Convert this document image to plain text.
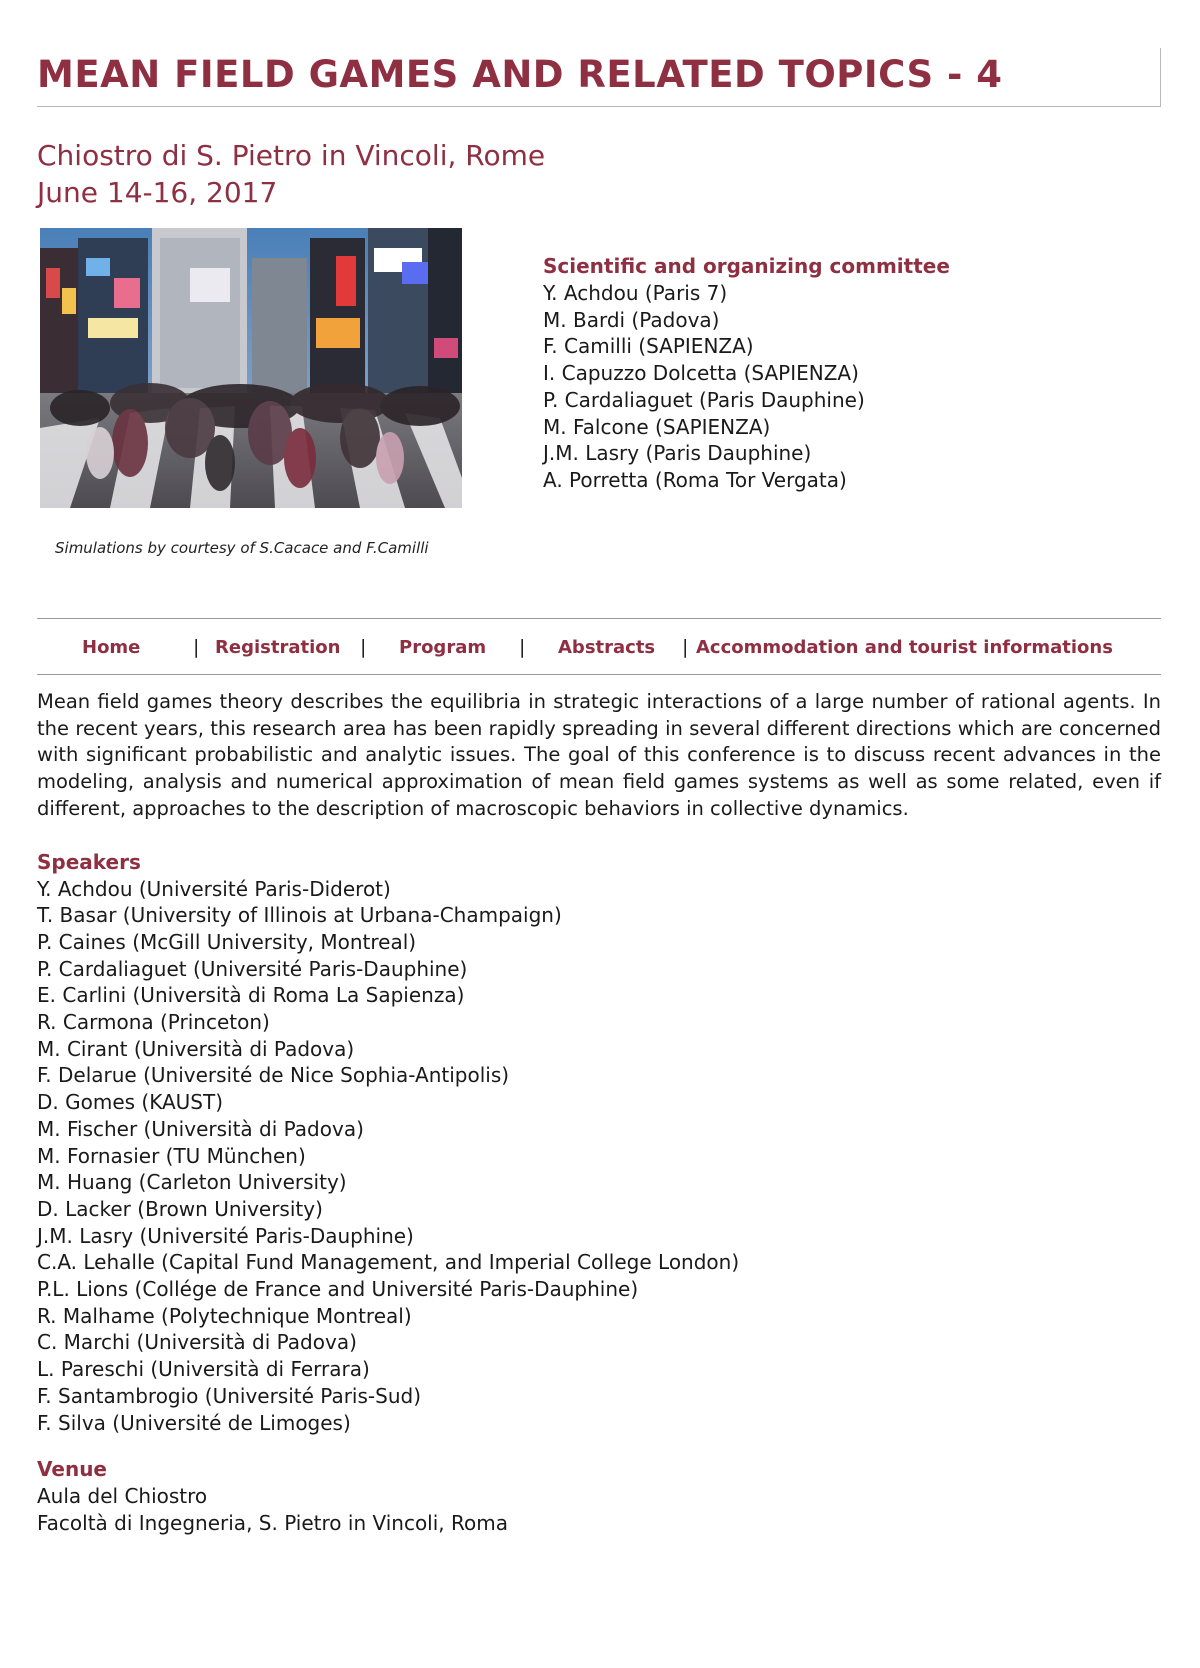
MEAN FIELD GAMES AND RELATED TOPICS - 4
Chiostro di S. Pietro in Vincoli, Rome
June 14-16, 2017
Simulations by courtesy of S.Cacace and F.Camilli
Scientific and organizing committee
Y. Achdou (Paris 7)
M. Bardi (Padova)
F. Camilli (SAPIENZA)
I. Capuzzo Dolcetta (SAPIENZA)
P. Cardaliaguet (Paris Dauphine)
M. Falcone (SAPIENZA)
J.M. Lasry (Paris Dauphine)
A. Porretta (Roma Tor Vergata)
Home	| Registration | Program | Abstracts | Accommodation and tourist informations

Mean field games theory describes the equilibria in strategic interactions of a large number of rational agents. In the recent years, this research area has been rapidly spreading in several different directions which are concerned with significant probabilistic and analytic issues. The goal of this conference is to discuss recent advances in the modeling, analysis and numerical approximation of mean field games systems as well as some related, even if different, approaches to the description of macroscopic behaviors in collective dynamics.

Speakers
Y. Achdou (Université Paris-Diderot)
T. Basar (University of Illinois at Urbana-Champaign)
P. Caines (McGill University, Montreal)
P. Cardaliaguet (Université Paris-Dauphine)
E. Carlini (Università di Roma La Sapienza)
R. Carmona (Princeton)
M. Cirant (Università di Padova)
F. Delarue (Université de Nice Sophia-Antipolis)
D. Gomes (KAUST)
M. Fischer (Università di Padova)
M. Fornasier (TU München)
M. Huang (Carleton University)
D. Lacker (Brown University)
J.M. Lasry (Université Paris-Dauphine)
C.A. Lehalle (Capital Fund Management, and Imperial College London)
P.L. Lions (Collége de France and Université Paris-Dauphine)
R. Malhame (Polytechnique Montreal)
C. Marchi (Università di Padova)
L. Pareschi (Università di Ferrara)
F. Santambrogio (Université Paris-Sud)
F. Silva (Université de Limoges)
Venue
Aula del Chiostro
Facoltà di Ingegneria, S. Pietro in Vincoli, Roma
